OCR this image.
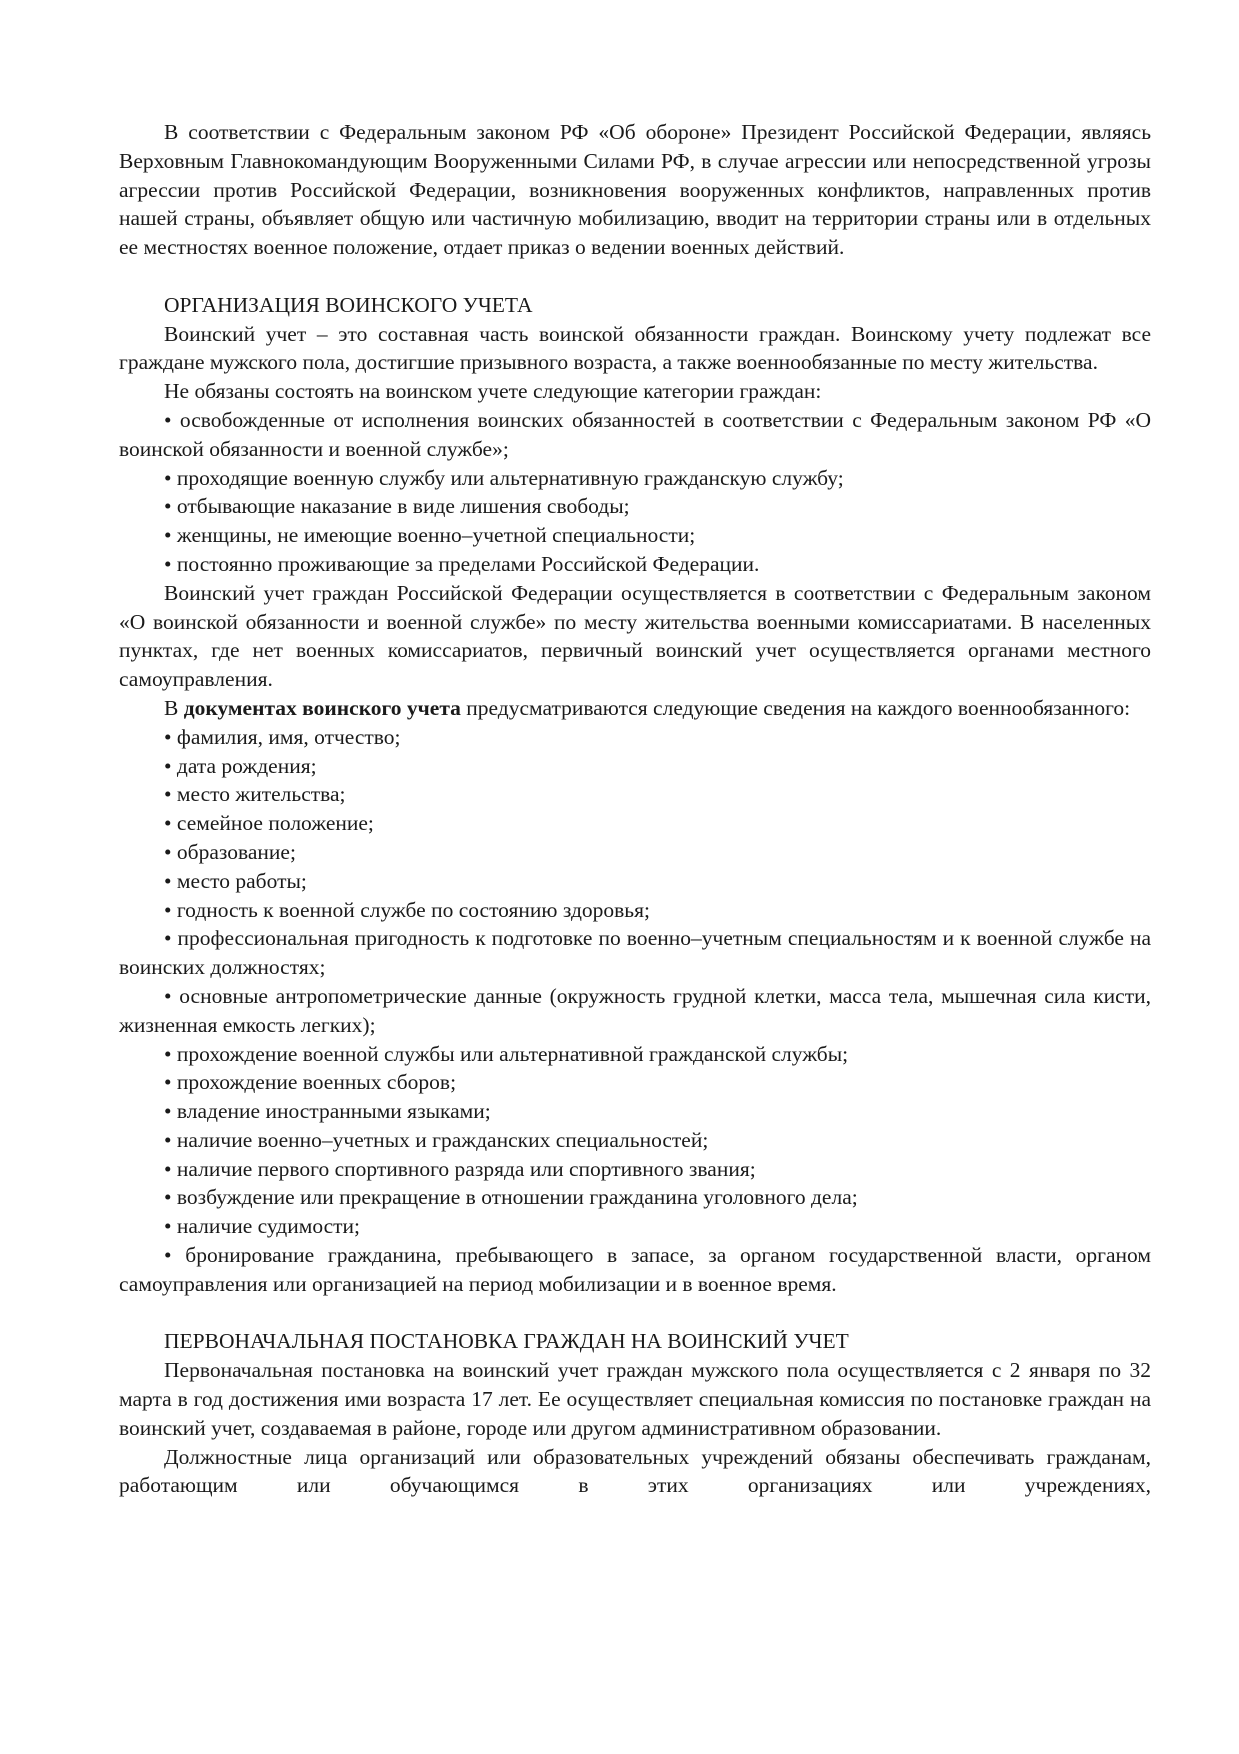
В соответствии с Федеральным законом РФ «Об обороне» Президент Российской Федерации, являясь Верховным Главнокомандующим Вооруженными Силами РФ, в случае агрессии или непосредственной угрозы агрессии против Российской Федерации, возникновения вооруженных конфликтов, направленных против нашей страны, объявляет общую или частичную мобилизацию, вводит на территории страны или в отдельных ее местностях военное положение, отдает приказ о ведении военных действий.

ОРГАНИЗАЦИЯ ВОИНСКОГО УЧЕТА

Воинский учет – это составная часть воинской обязанности граждан. Воинскому учету подлежат все граждане мужского пола, достигшие призывного возраста, а также военнообязанные по месту жительства.

Не обязаны состоять на воинском учете следующие категории граждан:

• освобожденные от исполнения воинских обязанностей в соответствии с Федеральным законом РФ «О воинской обязанности и военной службе»;

• проходящие военную службу или альтернативную гражданскую службу;

• отбывающие наказание в виде лишения свободы;

• женщины, не имеющие военно–учетной специальности;

• постоянно проживающие за пределами Российской Федерации.

Воинский учет граждан Российской Федерации осуществляется в соответствии с Федеральным законом «О воинской обязанности и военной службе» по месту жительства военными комиссариатами. В населенных пунктах, где нет военных комиссариатов, первичный воинский учет осуществляется органами местного самоуправления.

В документах воинского учета предусматриваются следующие сведения на каждого военнообязанного:

• фамилия, имя, отчество;

• дата рождения;

• место жительства;

• семейное положение;

• образование;

• место работы;

• годность к военной службе по состоянию здоровья;

• профессиональная пригодность к подготовке по военно–учетным специальностям и к военной службе на воинских должностях;

• основные антропометрические данные (окружность грудной клетки, масса тела, мышечная сила кисти, жизненная емкость легких);

• прохождение военной службы или альтернативной гражданской службы;

• прохождение военных сборов;

• владение иностранными языками;

• наличие военно–учетных и гражданских специальностей;

• наличие первого спортивного разряда или спортивного звания;

• возбуждение или прекращение в отношении гражданина уголовного дела;

• наличие судимости;

• бронирование гражданина, пребывающего в запасе, за органом государственной власти, органом самоуправления или организацией на период мобилизации и в военное время.

ПЕРВОНАЧАЛЬНАЯ ПОСТАНОВКА ГРАЖДАН НА ВОИНСКИЙ УЧЕТ

Первоначальная постановка на воинский учет граждан мужского пола осуществляется с 2 января по 32 марта в год достижения ими возраста 17 лет. Ее осуществляет специальная комиссия по постановке граждан на воинский учет, создаваемая в районе, городе или другом административном образовании.

Должностные лица организаций или образовательных учреждений обязаны обеспечивать гражданам, работающим или обучающимся в этих организациях или учреждениях,
